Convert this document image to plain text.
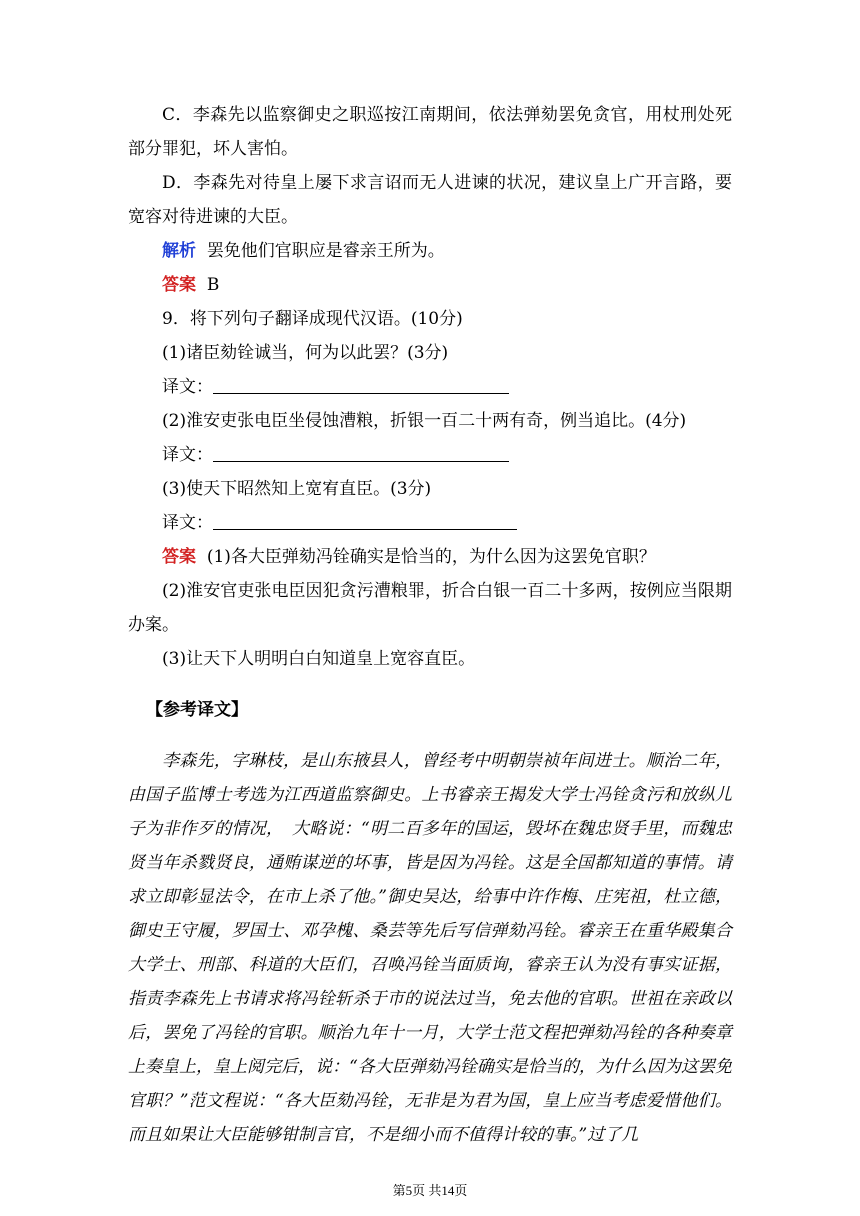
C．李森先以监察御史之职巡按江南期间，依法弹劾罢免贪官，用杖刑处死部分罪犯，坏人害怕。

D．李森先对待皇上屡下求言诏而无人进谏的状况，建议皇上广开言路，要宽容对待进谏的大臣。

解析 罢免他们官职应是睿亲王所为。

答案 B

9．将下列句子翻译成现代汉语。(10分)

(1)诸臣劾铨诚当，何为以此罢？(3分)

译文：

(2)淮安吏张电臣坐侵蚀漕粮，折银一百二十两有奇，例当追比。(4分)

译文：

(3)使天下昭然知上宽宥直臣。(3分)

译文：

答案 (1)各大臣弹劾冯铨确实是恰当的，为什么因为这罢免官职？

(2)淮安官吏张电臣因犯贪污漕粮罪，折合白银一百二十多两，按例应当限期办案。

(3)让天下人明明白白知道皇上宽容直臣。

【参考译文】

李森先，字琳枝，是山东掖县人，曾经考中明朝崇祯年间进士。顺治二年，由国子监博士考选为江西道监察御史。上书睿亲王揭发大学士冯铨贪污和放纵儿子为非作歹的情况，　大略说：“明二百多年的国运，毁坏在魏忠贤手里，而魏忠贤当年杀戮贤良，通贿谋逆的坏事，皆是因为冯铨。这是全国都知道的事情。请求立即彰显法令，在市上杀了他。”御史吴达，给事中许作梅、庄宪祖，杜立德，御史王守履，罗国士、邓孕槐、桑芸等先后写信弹劾冯铨。睿亲王在重华殿集合大学士、刑部、科道的大臣们，召唤冯铨当面质询，睿亲王认为没有事实证据，指责李森先上书请求将冯铨斩杀于市的说法过当，免去他的官职。世祖在亲政以后，罢免了冯铨的官职。顺治九年十一月，大学士范文程把弹劾冯铨的各种奏章上奏皇上，皇上阅完后，说：“各大臣弹劾冯铨确实是恰当的，为什么因为这罢免官职？”范文程说：“各大臣劾冯铨，无非是为君为国，皇上应当考虑爱惜他们。而且如果让大臣能够钳制言官，不是细小而不值得计较的事。”过了几

第5页 共14页
